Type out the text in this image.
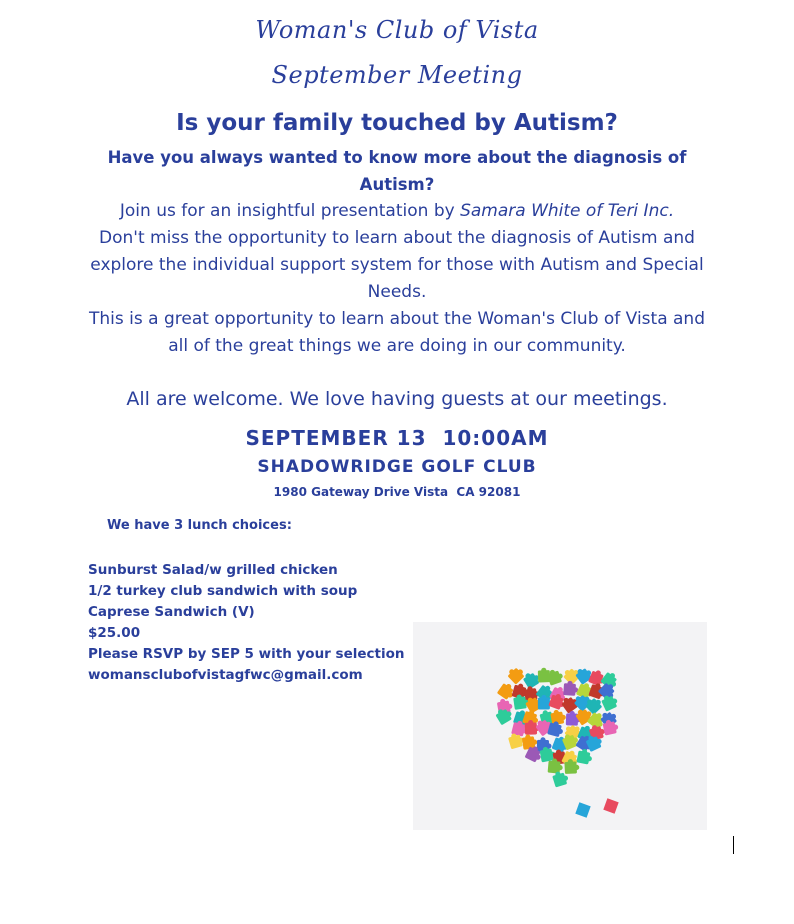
Woman's Club of Vista
September Meeting
Is your family touched by Autism?
Have you always wanted to know more about the diagnosis of Autism?
Join us for an insightful presentation by Samara White of Teri Inc.
Don't miss the opportunity to learn about the diagnosis of Autism and explore the individual support system for those with Autism and Special Needs.
This is a great opportunity to learn about the Woman's Club of Vista and all of the great things we are doing in our community.
All are welcome. We love having guests at our meetings.
SEPTEMBER 13  10:00AM
SHADOWRIDGE GOLF CLUB
1980 Gateway Drive Vista  CA 92081
We have 3 lunch choices:
Sunburst Salad/w grilled chicken
1/2 turkey club sandwich with soup
Caprese Sandwich (V)
$25.00
Please RSVP by SEP 5 with your selection
womansclubofvistagfwc@gmail.com
